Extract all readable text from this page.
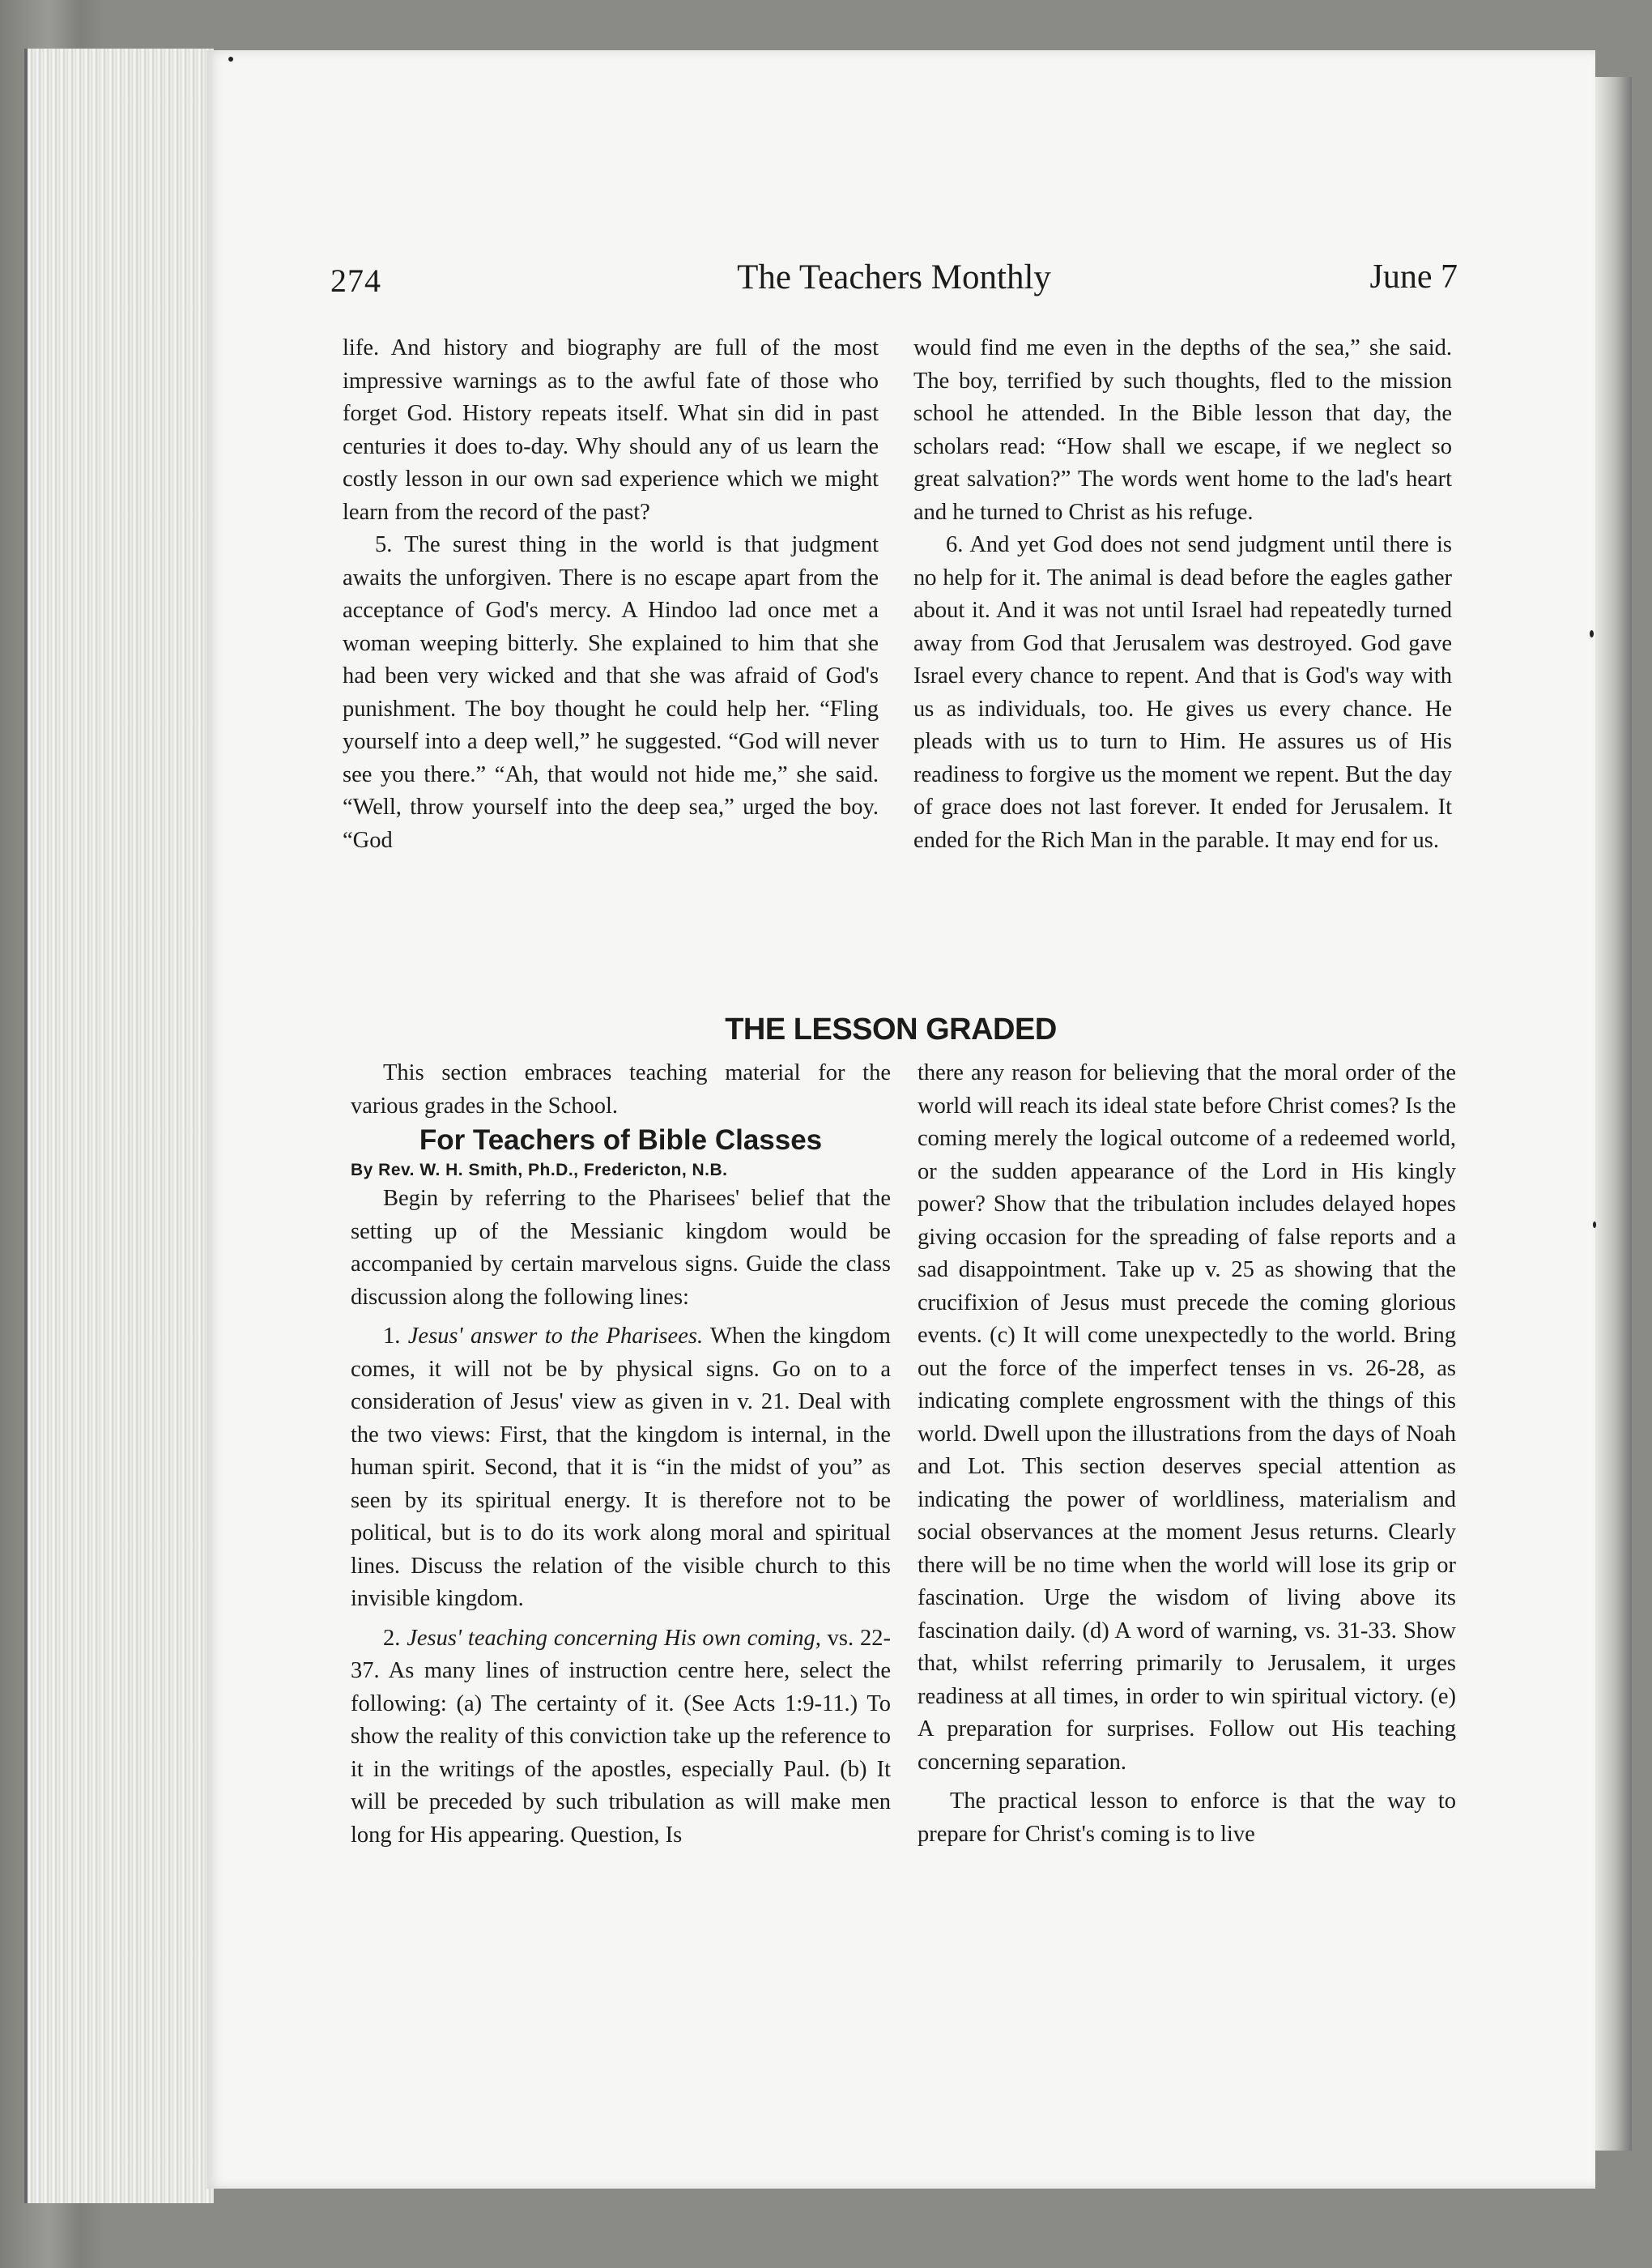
274	The Teachers Monthly	June 7

life. And history and biography are full of the most impressive warnings as to the awful fate of those who forget God. History repeats itself. What sin did in past centuries it does to-day. Why should any of us learn the costly lesson in our own sad experience which we might learn from the record of the past?

5. The surest thing in the world is that judgment awaits the unforgiven. There is no escape apart from the acceptance of God's mercy. A Hindoo lad once met a woman weeping bitterly. She explained to him that she had been very wicked and that she was afraid of God's punishment. The boy thought he could help her. “Fling yourself into a deep well,” he suggested. “God will never see you there.” “Ah, that would not hide me,” she said. “Well, throw yourself into the deep sea,” urged the boy. “God

would find me even in the depths of the sea,” she said. The boy, terrified by such thoughts, fled to the mission school he attended. In the Bible lesson that day, the scholars read: “How shall we escape, if we neglect so great salvation?” The words went home to the lad's heart and he turned to Christ as his refuge.

6. And yet God does not send judgment until there is no help for it. The animal is dead before the eagles gather about it. And it was not until Israel had repeatedly turned away from God that Jerusalem was destroyed. God gave Israel every chance to repent. And that is God's way with us as individuals, too. He gives us every chance. He pleads with us to turn to Him. He assures us of His readiness to forgive us the moment we repent. But the day of grace does not last forever. It ended for Jerusalem. It ended for the Rich Man in the parable. It may end for us.

THE LESSON GRADED

This section embraces teaching material for the various grades in the School.

For Teachers of Bible Classes

By Rev. W. H. Smith, Ph.D., Fredericton, N.B.

Begin by referring to the Pharisees' belief that the setting up of the Messianic kingdom would be accompanied by certain marvelous signs. Guide the class discussion along the following lines:

1. Jesus' answer to the Pharisees. When the kingdom comes, it will not be by physical signs. Go on to a consideration of Jesus' view as given in v. 21. Deal with the two views: First, that the kingdom is internal, in the human spirit. Second, that it is “in the midst of you” as seen by its spiritual energy. It is therefore not to be political, but is to do its work along moral and spiritual lines. Discuss the relation of the visible church to this invisible kingdom.

2. Jesus' teaching concerning His own coming, vs. 22-37. As many lines of instruction centre here, select the following: (a) The certainty of it. (See Acts 1:9-11.) To show the reality of this conviction take up the reference to it in the writings of the apostles, especially Paul. (b) It will be preceded by such tribulation as will make men long for His appearing. Question, Is

there any reason for believing that the moral order of the world will reach its ideal state before Christ comes? Is the coming merely the logical outcome of a redeemed world, or the sudden appearance of the Lord in His kingly power? Show that the tribulation includes delayed hopes giving occasion for the spreading of false reports and a sad disappointment. Take up v. 25 as showing that the crucifixion of Jesus must precede the coming glorious events. (c) It will come unexpectedly to the world. Bring out the force of the imperfect tenses in vs. 26-28, as indicating complete engrossment with the things of this world. Dwell upon the illustrations from the days of Noah and Lot. This section deserves special attention as indicating the power of worldliness, materialism and social observances at the moment Jesus returns. Clearly there will be no time when the world will lose its grip or fascination. Urge the wisdom of living above its fascination daily. (d) A word of warning, vs. 31-33. Show that, whilst referring primarily to Jerusalem, it urges readiness at all times, in order to win spiritual victory. (e) A preparation for surprises. Follow out His teaching concerning separation.

The practical lesson to enforce is that the way to prepare for Christ's coming is to live
